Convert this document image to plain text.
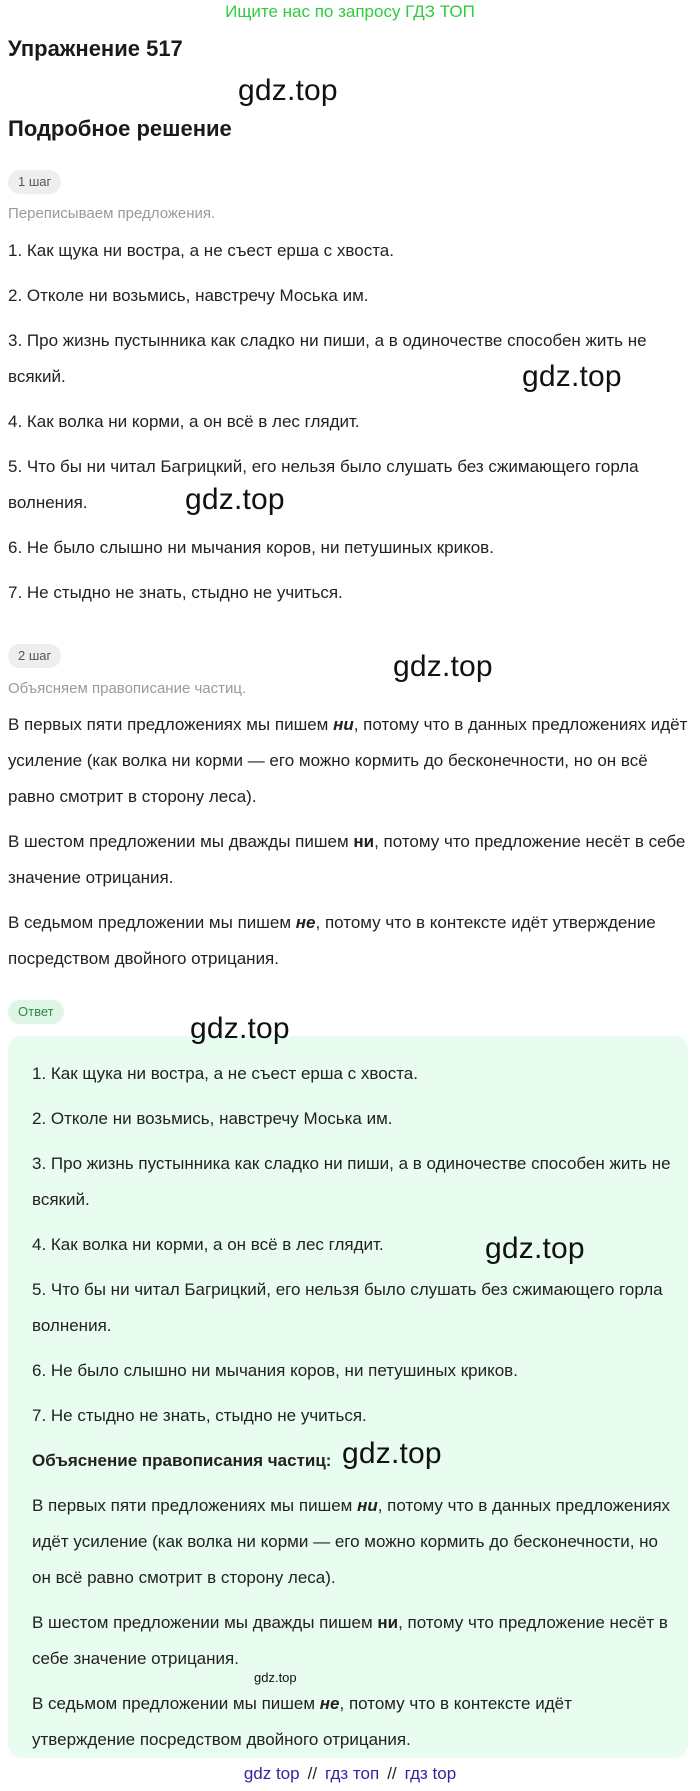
Ищите нас по запросу ГДЗ ТОП
Упражнение 517
gdz.top
Подробное решение
1 шаг
Переписываем предложения.

1. Как щука ни востра, а не съест ерша с хвоста.

2. Отколе ни возьмись, навстречу Моська им.

3. Про жизнь пустынника как сладко ни пиши, а в одиночестве способен жить не всякий.

4. Как волка ни корми, а он всё в лес глядит.

5. Что бы ни читал Багрицкий, его нельзя было слушать без сжимающего горла волнения.

6. Не было слышно ни мычания коров, ни петушиных криков.

7. Не стыдно не знать, стыдно не учиться.

gdz.top
gdz.top
2 шаг	gdz.top
Объясняем правописание частиц.

В первых пяти предложениях мы пишем ни, потому что в данных предложениях идёт усиление (как волка ни корми — его можно кормить до бесконечности, но он всё равно смотрит в сторону леса).

В шестом предложении мы дважды пишем ни, потому что предложение несёт в себе значение отрицания.

В седьмом предложении мы пишем не, потому что в контексте идёт утверждение посредством двойного отрицания.

Ответ

1. Как щука ни востра, а не съест ерша с хвоста.

2. Отколе ни возьмись, навстречу Моська им.

3. Про жизнь пустынника как сладко ни пиши, а в одиночестве способен жить не всякий.

4. Как волка ни корми, а он всё в лес глядит.

5. Что бы ни читал Багрицкий, его нельзя было слушать без сжимающего горла волнения.

6. Не было слышно ни мычания коров, ни петушиных криков.

7. Не стыдно не знать, стыдно не учиться.

Объяснение правописания частиц:

В первых пяти предложениях мы пишем ни, потому что в данных предложениях идёт усиление (как волка ни корми — его можно кормить до бесконечности, но он всё равно смотрит в сторону леса).

В шестом предложении мы дважды пишем ни, потому что предложение несёт в себе значение отрицания.

В седьмом предложении мы пишем не, потому что в контексте идёт утверждение посредством двойного отрицания.

gdz.top
gdz.top
gdz.top
gdz.top
gdz top // гдз топ // гдз top
